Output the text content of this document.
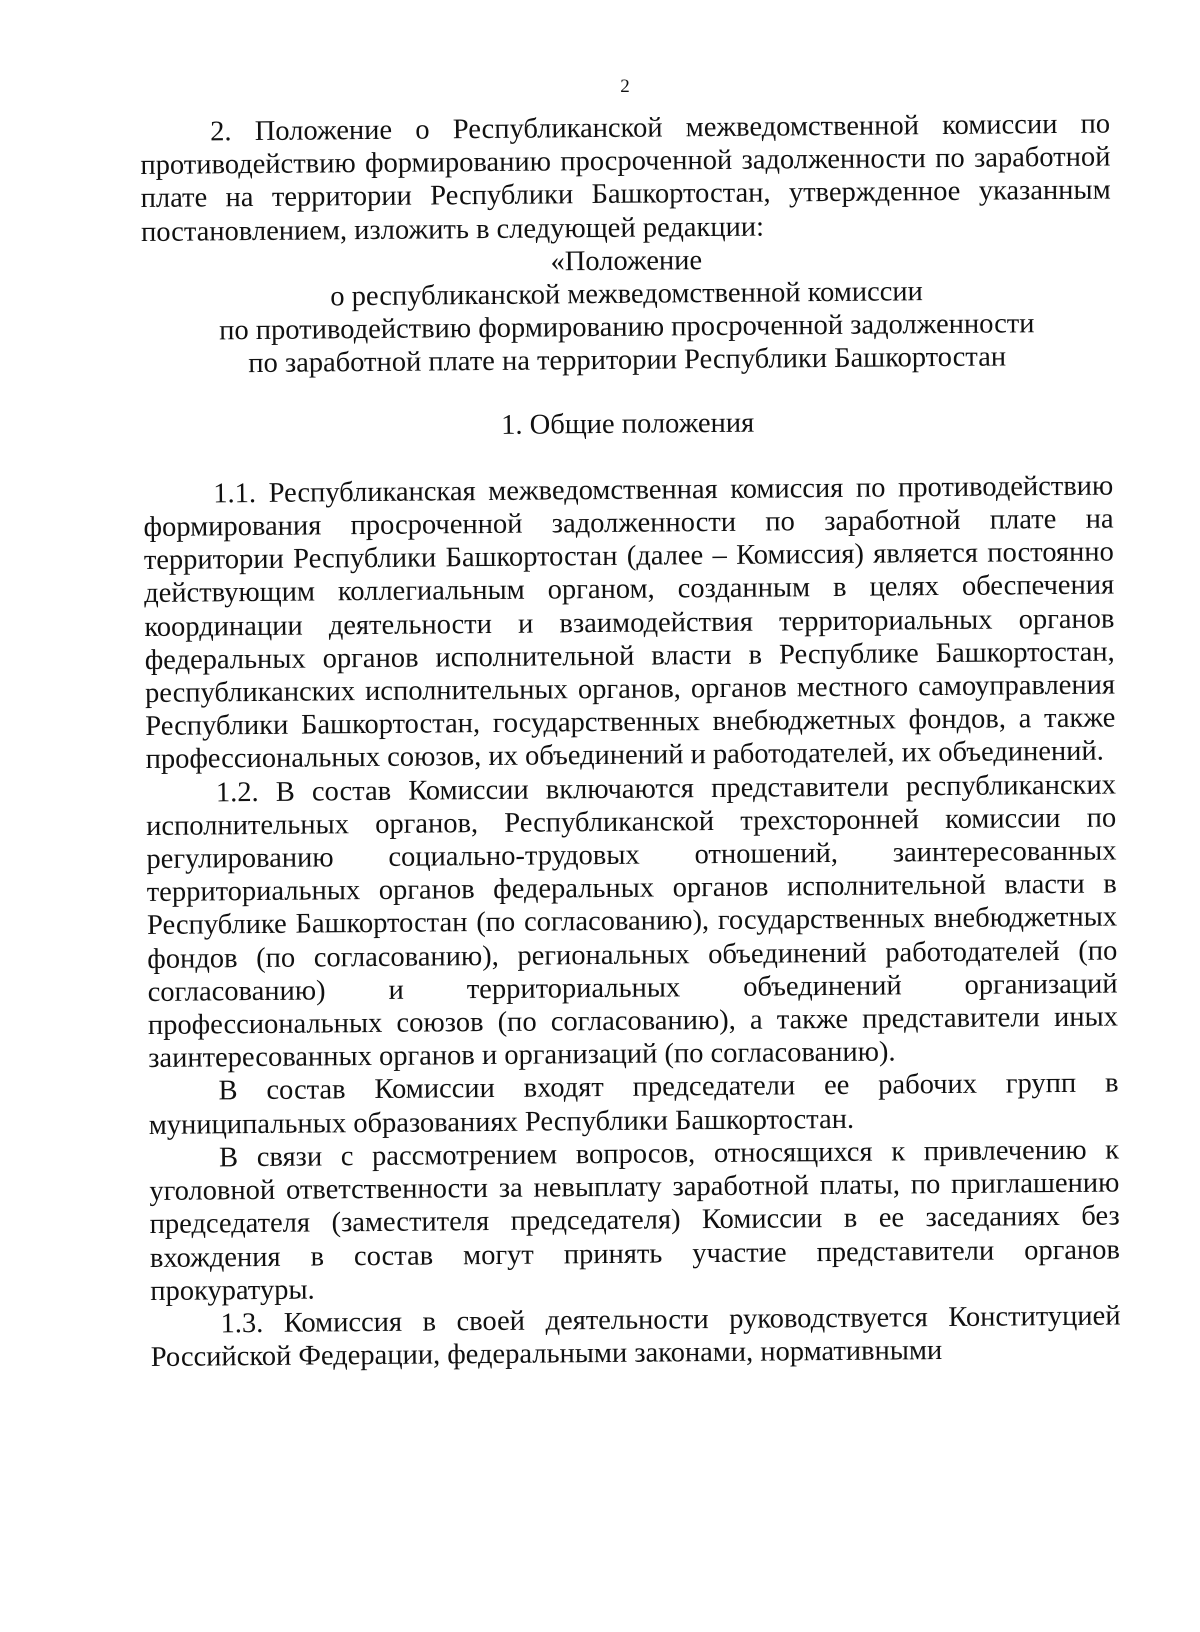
2

2. Положение о Республиканской межведомственной комиссии по противодействию формированию просроченной задолженности по заработной плате на территории Республики Башкортостан, утвержденное указанным постановлением, изложить в следующей редакции:

«Положение

о республиканской межведомственной комиссии

по противодействию формированию просроченной задолженности

по заработной плате на территории Республики Башкортостан

1. Общие положения

1.1. Республиканская межведомственная комиссия по противодействию формирования просроченной задолженности по заработной плате на территории Республики Башкортостан (далее – Комиссия) является постоянно действующим коллегиальным органом, созданным в целях обеспечения координации деятельности и взаимодействия территориальных органов федеральных органов исполнительной власти в Республике Башкортостан, республиканских исполнительных органов, органов местного самоуправления Республики Башкортостан, государственных внебюджетных фондов, а также профессиональных союзов, их объединений и работодателей, их объединений.

1.2. В состав Комиссии включаются представители республиканских исполнительных органов, Республиканской трехсторонней комиссии по регулированию социально-трудовых отношений, заинтересованных территориальных органов федеральных органов исполнительной власти в Республике Башкортостан (по согласованию), государственных внебюджетных фондов (по согласованию), региональных объединений работодателей (по согласованию) и территориальных объединений организаций профессиональных союзов (по согласованию), а также представители иных заинтересованных органов и организаций (по согласованию).

В состав Комиссии входят председатели ее рабочих групп в муниципальных образованиях Республики Башкортостан.

В связи с рассмотрением вопросов, относящихся к привлечению к уголовной ответственности за невыплату заработной платы, по приглашению председателя (заместителя председателя) Комиссии в ее заседаниях без вхождения в состав могут принять участие представители органов прокуратуры.

1.3. Комиссия в своей деятельности руководствуется Конституцией Российской Федерации, федеральными законами, нормативными
